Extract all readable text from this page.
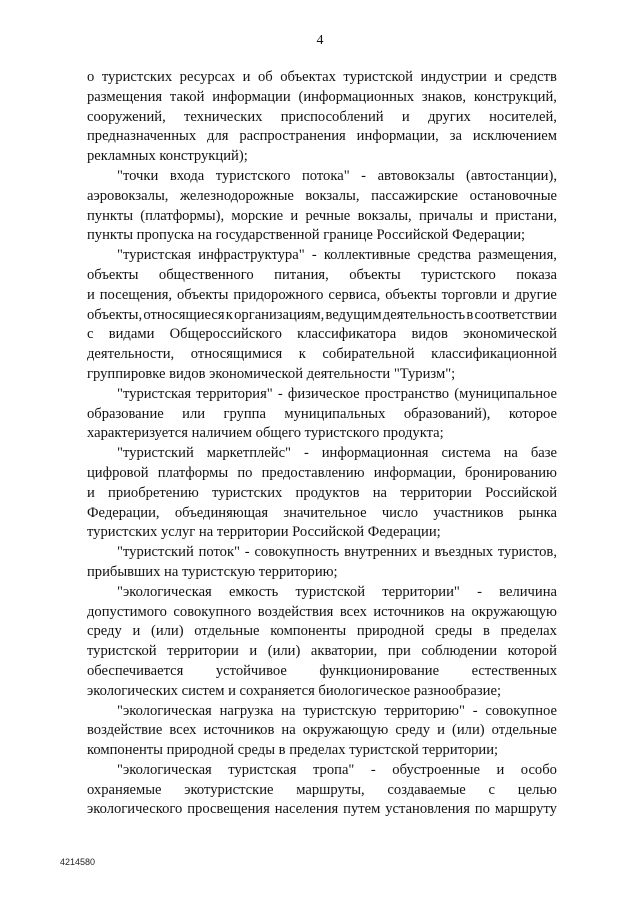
4
о туристских ресурсах и об объектах туристской индустрии и средств
размещения такой информации (информационных знаков, конструкций,
сооружений, технических приспособлений и других носителей,
предназначенных для распространения информации, за исключением
рекламных конструкций);
"точки входа туристского потока" - автовокзалы (автостанции),
аэровокзалы, железнодорожные вокзалы, пассажирские остановочные
пункты (платформы), морские и речные вокзалы, причалы и пристани,
пункты пропуска на государственной границе Российской Федерации;
"туристская инфраструктура" - коллективные средства размещения,
объекты общественного питания, объекты туристского показа
и посещения, объекты придорожного сервиса, объекты торговли и другие
объекты, относящиеся к организациям, ведущим деятельность в соответствии
с видами Общероссийского классификатора видов экономической
деятельности, относящимися к собирательной классификационной
группировке видов экономической деятельности "Туризм";
"туристская территория" - физическое пространство (муниципальное
образование или группа муниципальных образований), которое
характеризуется наличием общего туристского продукта;
"туристский маркетплейс" - информационная система на базе
цифровой платформы по предоставлению информации, бронированию
и приобретению туристских продуктов на территории Российской
Федерации, объединяющая значительное число участников рынка
туристских услуг на территории Российской Федерации;
"туристский поток" - совокупность внутренних и въездных туристов,
прибывших на туристскую территорию;
"экологическая емкость туристской территории" - величина
допустимого совокупного воздействия всех источников на окружающую
среду и (или) отдельные компоненты природной среды в пределах
туристской территории и (или) акватории, при соблюдении которой
обеспечивается устойчивое функционирование естественных
экологических систем и сохраняется биологическое разнообразие;
"экологическая нагрузка на туристскую территорию" - совокупное
воздействие всех источников на окружающую среду и (или) отдельные
компоненты природной среды в пределах туристской территории;
"экологическая туристская тропа" - обустроенные и особо
охраняемые экотуристские маршруты, создаваемые с целью
экологического просвещения населения путем установления по маршруту
4214580
